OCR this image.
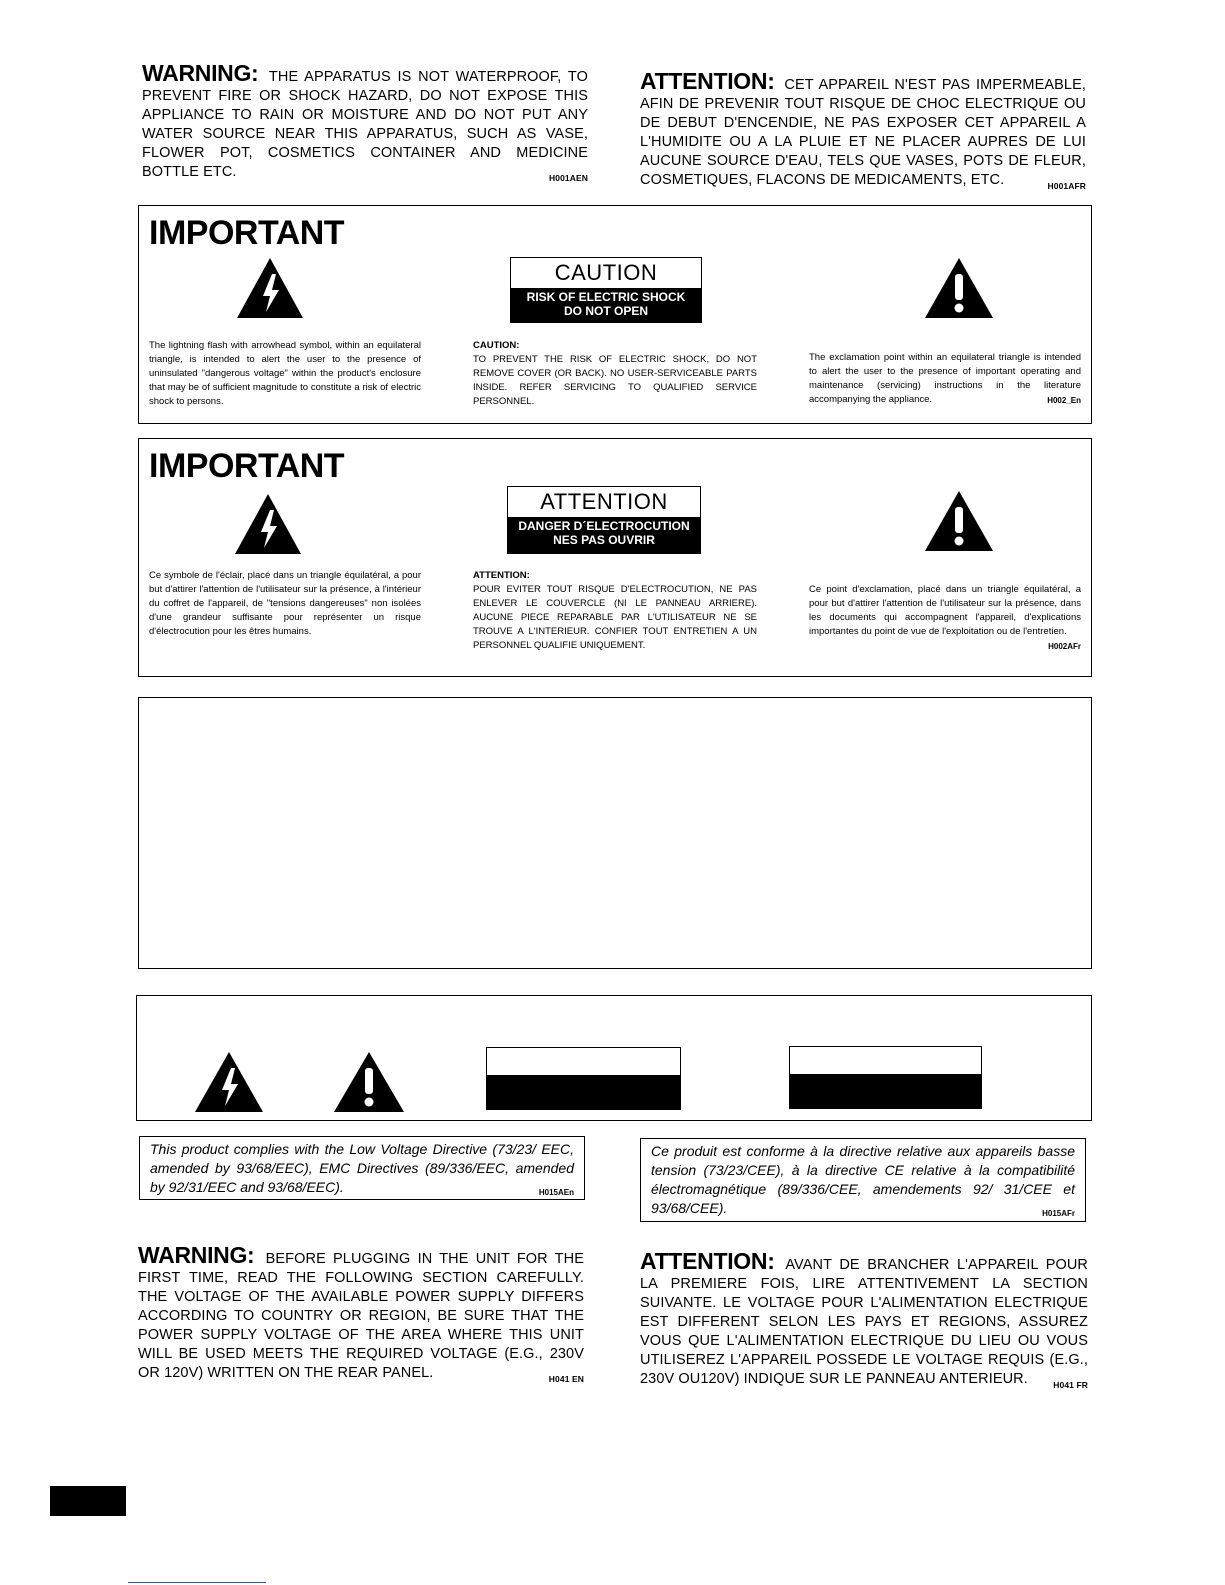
WARNING: THE APPARATUS IS NOT WATERPROOF, TO PREVENT FIRE OR SHOCK HAZARD, DO NOT EXPOSE THIS APPLIANCE TO RAIN OR MOISTURE AND DO NOT PUT ANY WATER SOURCE NEAR THIS APPARATUS, SUCH AS VASE, FLOWER POT, COSMETICS CONTAINER AND MEDICINE BOTTLE ETC.	H001AEN
ATTENTION: CET APPAREIL N'EST PAS IMPERMEABLE, AFIN DE PREVENIR TOUT RISQUE DE CHOC ELECTRIQUE OU DE DEBUT D'ENCENDIE, NE PAS EXPOSER CET APPAREIL A L'HUMIDITE OU A LA PLUIE ET NE PLACER AUPRES DE LUI AUCUNE SOURCE D'EAU, TELS QUE VASES, POTS DE FLEUR, COSMETIQUES, FLACONS DE MEDICAMENTS, ETC.	H001AFR
IMPORTANT
CAUTION
RISK OF ELECTRIC SHOCK
DO NOT OPEN
The lightning flash with arrowhead symbol, within an equilateral triangle, is intended to alert the user to the presence of uninsulated "dangerous voltage" within the product's enclosure that may be of sufficient magnitude to constitute a risk of electric shock to persons.
CAUTION:
TO PREVENT THE RISK OF ELECTRIC SHOCK, DO NOT REMOVE COVER (OR BACK). NO USER-SERVICEABLE PARTS INSIDE. REFER SERVICING TO QUALIFIED SERVICE PERSONNEL.
The exclamation point within an equilateral triangle is intended to alert the user to the presence of important operating and maintenance (servicing) instructions in the literature accompanying the appliance.	H002_En
IMPORTANT
ATTENTION
DANGER D´ELECTROCUTION
NES PAS OUVRIR
Ce symbole de l'éclair, placé dans un triangle équilatéral, a pour but d'attirer l'attention de l'utilisateur sur la présence, à l'intérieur du coffret de l'appareil, de "tensions dangereuses" non isolées d'une grandeur suffisante pour représenter un risque d'électrocution pour les êtres humains.
ATTENTION:
POUR EVITER TOUT RISQUE D'ELECTROCUTION, NE PAS ENLEVER LE COUVERCLE (NI LE PANNEAU ARRIERE). AUCUNE PIECE REPARABLE PAR L'UTILISATEUR NE SE TROUVE A L'INTERIEUR. CONFIER TOUT ENTRETIEN A UN PERSONNEL QUALIFIE UNIQUEMENT.
Ce point d'exclamation, placé dans un triangle équilatéral, a pour but d'attirer l'attention de l'utilisateur sur la présence, dans les documents qui accompagnent l'appareil, d'explications importantes du point de vue de l'exploitation ou de l'entretien.
H002AFr
This product complies with the Low Voltage Directive (73/23/ EEC, amended by 93/68/EEC), EMC Directives (89/336/EEC, amended by 92/31/EEC and 93/68/EEC).	H015AEn
Ce produit est conforme à la directive relative aux appareils basse tension (73/23/CEE), à la directive CE relative à la compatibilité électromagnétique (89/336/CEE, amendements 92/ 31/CEE et 93/68/CEE).	H015AFr
WARNING: BEFORE PLUGGING IN THE UNIT FOR THE FIRST TIME, READ THE FOLLOWING SECTION CAREFULLY. THE VOLTAGE OF THE AVAILABLE POWER SUPPLY DIFFERS ACCORDING TO COUNTRY OR REGION, BE SURE THAT THE POWER SUPPLY VOLTAGE OF THE AREA WHERE THIS UNIT WILL BE USED MEETS THE REQUIRED VOLTAGE (E.G., 230V OR 120V) WRITTEN ON THE REAR PANEL.	H041 EN
ATTENTION: AVANT DE BRANCHER L'APPAREIL POUR LA PREMIERE FOIS, LIRE ATTENTIVEMENT LA SECTION SUIVANTE. LE VOLTAGE POUR L'ALIMENTATION ELECTRIQUE EST DIFFERENT SELON LES PAYS ET REGIONS, ASSUREZ VOUS QUE L'ALIMENTATION ELECTRIQUE DU LIEU OU VOUS UTILISEREZ L'APPAREIL POSSEDE LE VOLTAGE REQUIS (E.G., 230V OU120V) INDIQUE SUR LE PANNEAU ANTERIEUR.	H041 FR
